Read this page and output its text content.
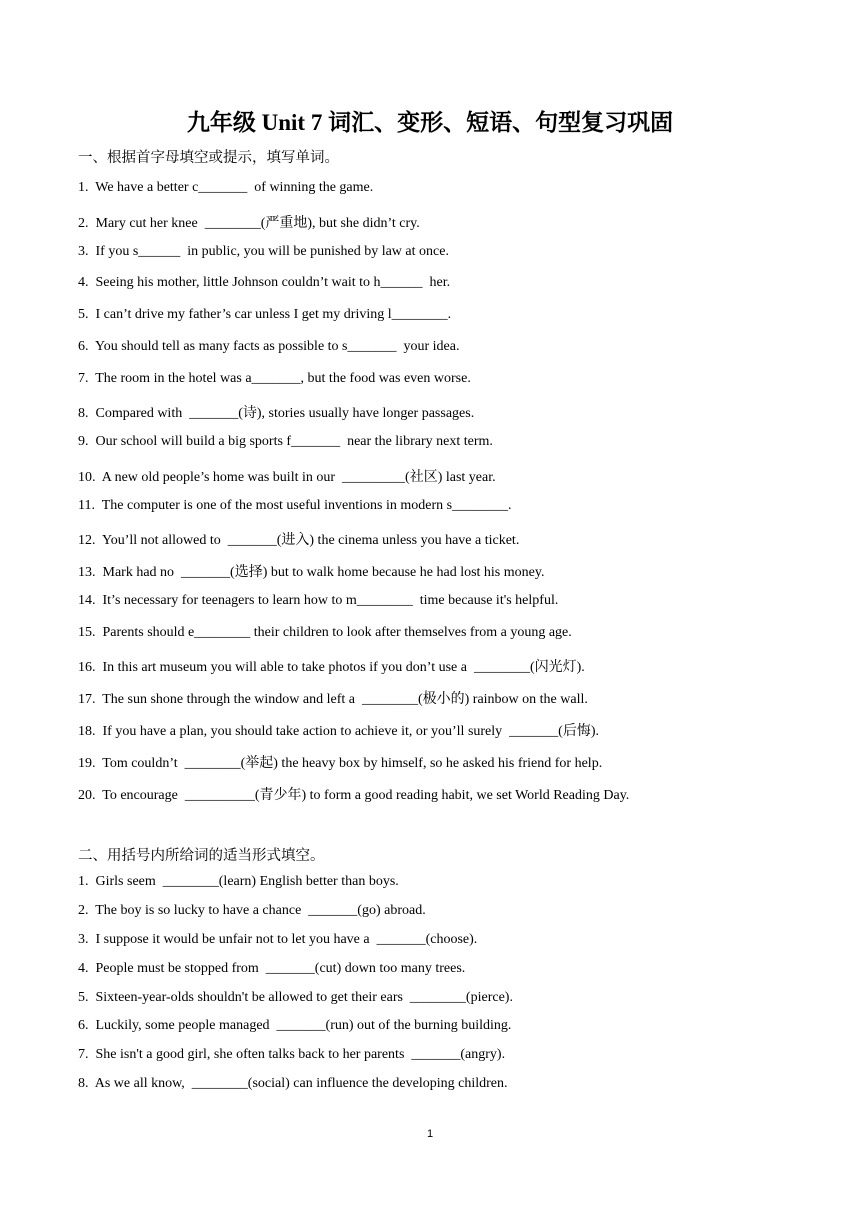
九年级 Unit 7 词汇、变形、短语、句型复习巩固
一、根据首字母填空或提示，填写单词。
1.  We have a better c_______  of winning the game.
2.  Mary cut her knee  ________(严重地), but she didn’t cry.
3.  If you s______  in public, you will be punished by law at once.
4.  Seeing his mother, little Johnson couldn’t wait to h______  her.
5.  I can’t drive my father’s car unless I get my driving l________.
6.  You should tell as many facts as possible to s_______  your idea.
7.  The room in the hotel was a_______, but the food was even worse.
8.  Compared with  _______(诗), stories usually have longer passages.
9.  Our school will build a big sports f_______  near the library next term.
10.  A new old people’s home was built in our  _________(社区) last year.
11.  The computer is one of the most useful inventions in modern s________.
12.  You’ll not allowed to  _______(进入) the cinema unless you have a ticket.
13.  Mark had no  _______(选择) but to walk home because he had lost his money.
14.  It’s necessary for teenagers to learn how to m________  time because it's helpful.
15.  Parents should e________ their children to look after themselves from a young age.
16.  In this art museum you will able to take photos if you don’t use a  ________(闪光灯).
17.  The sun shone through the window and left a  ________(极小的) rainbow on the wall.
18.  If you have a plan, you should take action to achieve it, or you’ll surely  _______(后悔).
19.  Tom couldn’t  ________(举起) the heavy box by himself, so he asked his friend for help.
20.  To encourage  __________(青少年) to form a good reading habit, we set World Reading Day.
二、用括号内所给词的适当形式填空。
1.  Girls seem  ________(learn) English better than boys.
2.  The boy is so lucky to have a chance  _______(go) abroad.
3.  I suppose it would be unfair not to let you have a  _______(choose).
4.  People must be stopped from  _______(cut) down too many trees.
5.  Sixteen-year-olds shouldn't be allowed to get their ears  ________(pierce).
6.  Luckily, some people managed  _______(run) out of the burning building.
7.  She isn't a good girl, she often talks back to her parents  _______(angry).
8.  As we all know,  ________(social) can influence the developing children.
1
